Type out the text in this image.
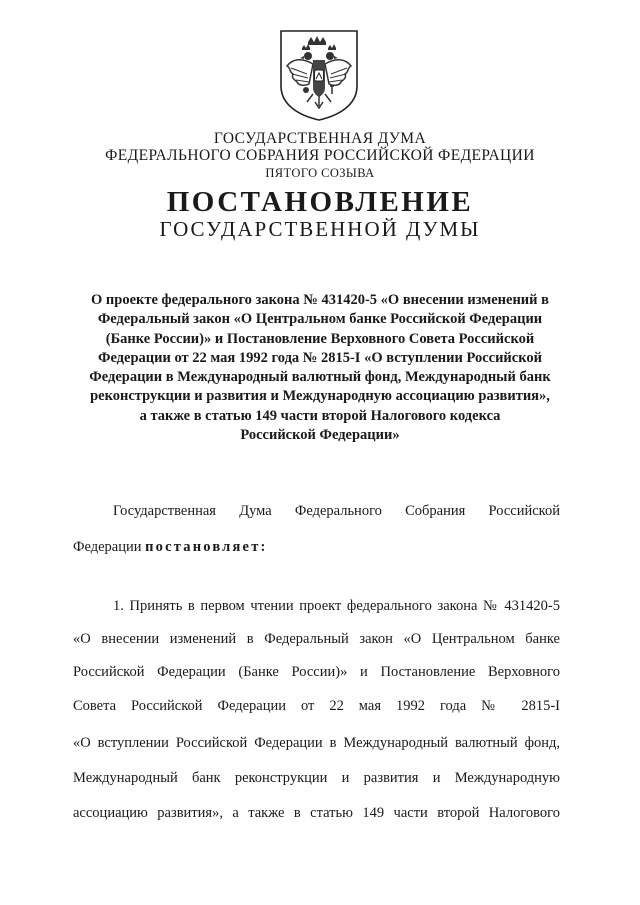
ГОСУДАРСТВЕННАЯ ДУМА
ФЕДЕРАЛЬНОГО СОБРАНИЯ РОССИЙСКОЙ ФЕДЕРАЦИИ
ПЯТОГО СОЗЫВА
ПОСТАНОВЛЕНИЕ
ГОСУДАРСТВЕННОЙ ДУМЫ
О проекте федерального закона № 431420-5 «О внесении изменений в
Федеральный закон «О Центральном банке Российской Федерации
(Банке России)» и Постановление Верховного Совета Российской
Федерации от 22 мая 1992 года № 2815-I «О вступлении Российской
Федерации в Международный валютный фонд, Международный банк
реконструкции и развития и Международную ассоциацию развития»,
а также в статью 149 части второй Налогового кодекса
Российской Федерации»
Государственная Дума Федерального Собрания Российской
Федерации постановляет:
1. Принять в первом чтении проект федерального закона № 431420-5
«О внесении изменений в Федеральный закон «О Центральном банке
Российской Федерации (Банке России)» и Постановление Верховного
Совета Российской Федерации от 22 мая 1992 года № 2815-I
«О вступлении Российской Федерации в Международный валютный фонд,
Международный банк реконструкции и развития и Международную
ассоциацию развития», а также в статью 149 части второй Налогового
